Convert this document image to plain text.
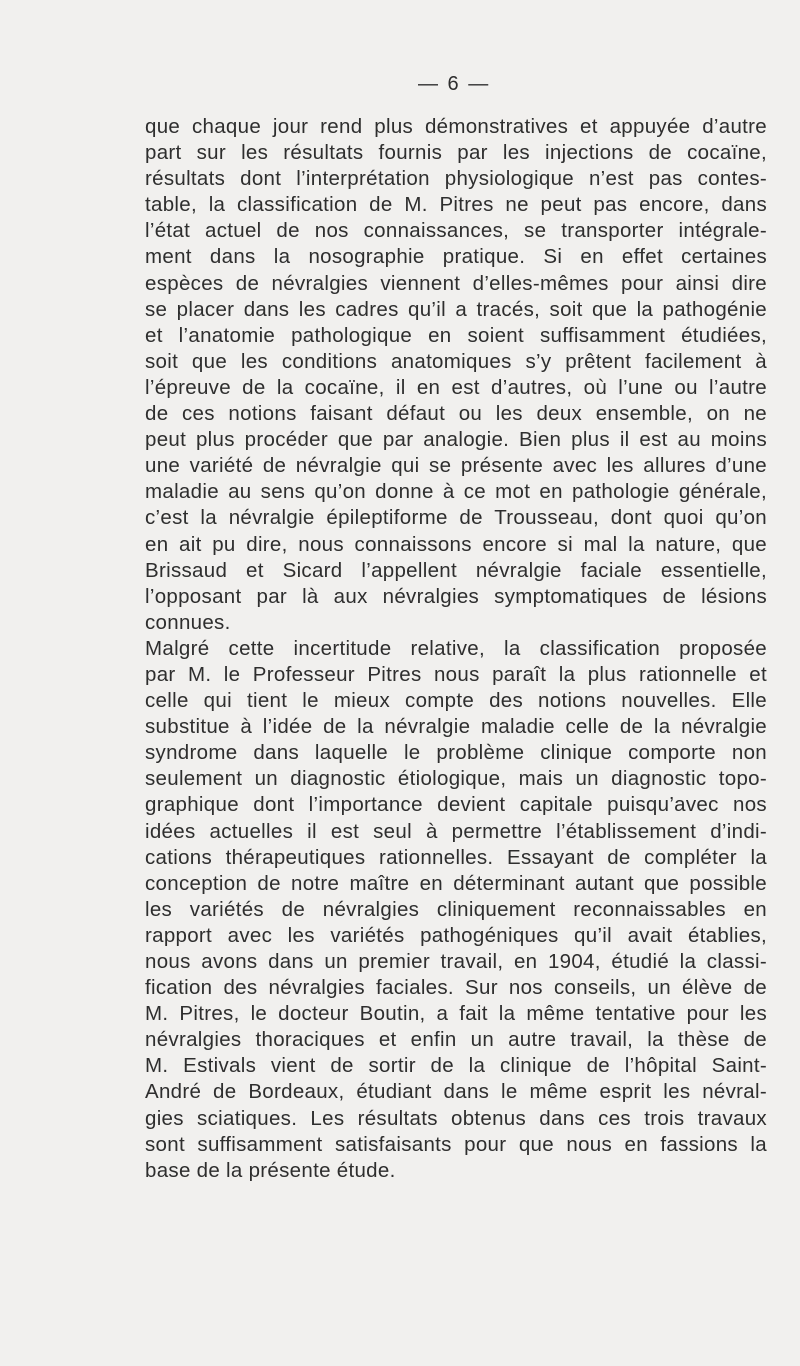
— 6 —
que chaque jour rend plus démonstratives et appuyée d’autre
part sur les résultats fournis par les injections de cocaïne,
résultats dont l’interprétation physiologique n’est pas contes-
table, la classification de M. Pitres ne peut pas encore, dans
l’état actuel de nos connaissances, se transporter intégrale-
ment dans la nosographie pratique. Si en effet certaines
espèces de névralgies viennent d’elles-mêmes pour ainsi dire
se placer dans les cadres qu’il a tracés, soit que la pathogénie
et l’anatomie pathologique en soient suffisamment étudiées,
soit que les conditions anatomiques s’y prêtent facilement à
l’épreuve de la cocaïne, il en est d’autres, où l’une ou l’autre
de ces notions faisant défaut ou les deux ensemble, on ne
peut plus procéder que par analogie. Bien plus il est au moins
une variété de névralgie qui se présente avec les allures d’une
maladie au sens qu’on donne à ce mot en pathologie générale,
c’est la névralgie épileptiforme de Trousseau, dont quoi qu’on
en ait pu dire, nous connaissons encore si mal la nature, que
Brissaud et Sicard l’appellent névralgie faciale essentielle,
l’opposant par là aux névralgies symptomatiques de lésions
connues.
Malgré cette incertitude relative, la classification proposée
par M. le Professeur Pitres nous paraît la plus rationnelle et
celle qui tient le mieux compte des notions nouvelles. Elle
substitue à l’idée de la névralgie maladie celle de la névralgie
syndrome dans laquelle le problème clinique comporte non
seulement un diagnostic étiologique, mais un diagnostic topo-
graphique dont l’importance devient capitale puisqu’avec nos
idées actuelles il est seul à permettre l’établissement d’indi-
cations thérapeutiques rationnelles. Essayant de compléter la
conception de notre maître en déterminant autant que possible
les variétés de névralgies cliniquement reconnaissables en
rapport avec les variétés pathogéniques qu’il avait établies,
nous avons dans un premier travail, en 1904, étudié la classi-
fication des névralgies faciales. Sur nos conseils, un élève de
M. Pitres, le docteur Boutin, a fait la même tentative pour les
névralgies thoraciques et enfin un autre travail, la thèse de
M. Estivals vient de sortir de la clinique de l’hôpital Saint-
André de Bordeaux, étudiant dans le même esprit les névral-
gies sciatiques. Les résultats obtenus dans ces trois travaux
sont suffisamment satisfaisants pour que nous en fassions la
base de la présente étude.
